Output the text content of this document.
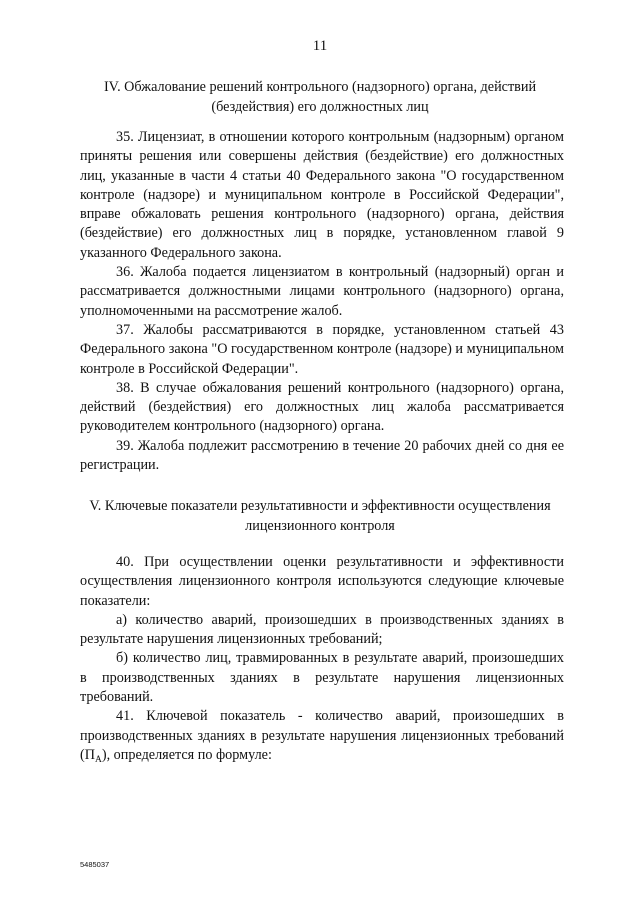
11
IV. Обжалование решений контрольного (надзорного) органа, действий (бездействия) его должностных лиц

35. Лицензиат, в отношении которого контрольным (надзорным) органом приняты решения или совершены действия (бездействие) его должностных лиц, указанные в части 4 статьи 40 Федерального закона "О государственном контроле (надзоре) и муниципальном контроле в Российской Федерации", вправе обжаловать решения контрольного (надзорного) органа, действия (бездействие) его должностных лиц в порядке, установленном главой 9 указанного Федерального закона.

36. Жалоба подается лицензиатом в контрольный (надзорный) орган и рассматривается должностными лицами контрольного (надзорного) органа, уполномоченными на рассмотрение жалоб.

37. Жалобы рассматриваются в порядке, установленном статьей 43 Федерального закона "О государственном контроле (надзоре) и муниципальном контроле в Российской Федерации".

38. В случае обжалования решений контрольного (надзорного) органа, действий (бездействия) его должностных лиц жалоба рассматривается руководителем контрольного (надзорного) органа.

39. Жалоба подлежит рассмотрению в течение 20 рабочих дней со дня ее регистрации.

V. Ключевые показатели результативности и эффективности осуществления лицензионного контроля

40. При осуществлении оценки результативности и эффективности осуществления лицензионного контроля используются следующие ключевые показатели:

а) количество аварий, произошедших в производственных зданиях в результате нарушения лицензионных требований;

б) количество лиц, травмированных в результате аварий, произошедших в производственных зданиях в результате нарушения лицензионных требований.

41. Ключевой показатель - количество аварий, произошедших в производственных зданиях в результате нарушения лицензионных требований $(П_А)$, определяется по формуле:

5485037
